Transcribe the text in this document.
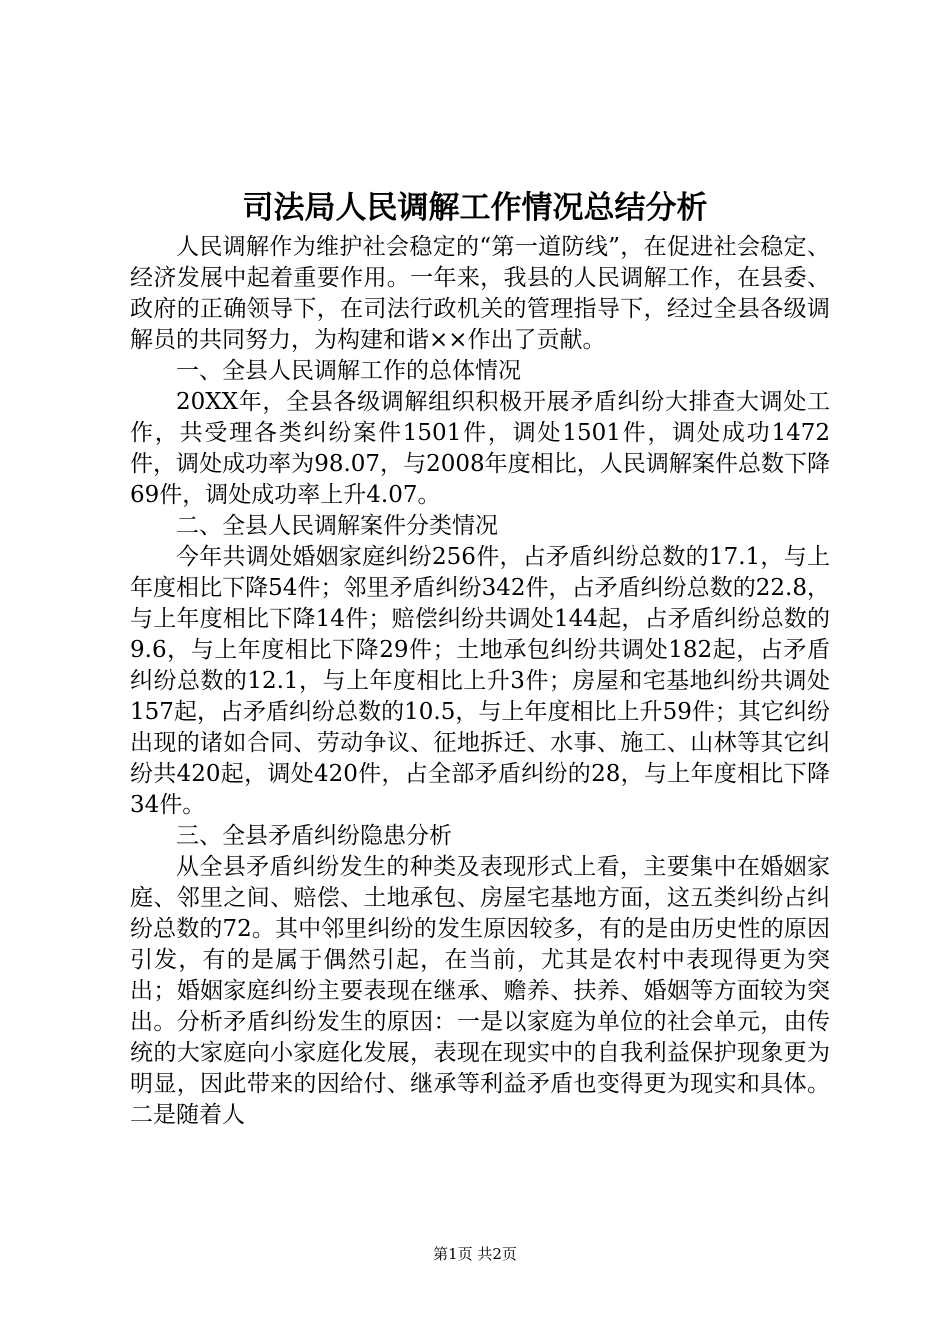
司法局人民调解工作情况总结分析

人民调解作为维护社会稳定的“第一道防线”，在促进社会稳定、经济发展中起着重要作用。一年来，我县的人民调解工作，在县委、政府的正确领导下，在司法行政机关的管理指导下，经过全县各级调解员的共同努力，为构建和谐××作出了贡献。

一、全县人民调解工作的总体情况

20XX年，全县各级调解组织积极开展矛盾纠纷大排查大调处工作，共受理各类纠纷案件1501件，调处1501件，调处成功1472件，调处成功率为98.07，与2008年度相比，人民调解案件总数下降69件，调处成功率上升4.07。

二、全县人民调解案件分类情况

今年共调处婚姻家庭纠纷256件，占矛盾纠纷总数的17.1，与上年度相比下降54件；邻里矛盾纠纷342件，占矛盾纠纷总数的22.8，与上年度相比下降14件；赔偿纠纷共调处144起，占矛盾纠纷总数的9.6，与上年度相比下降29件；土地承包纠纷共调处182起，占矛盾纠纷总数的12.1，与上年度相比上升3件；房屋和宅基地纠纷共调处157起，占矛盾纠纷总数的10.5，与上年度相比上升59件；其它纠纷出现的诸如合同、劳动争议、征地拆迁、水事、施工、山林等其它纠纷共420起，调处420件，占全部矛盾纠纷的28，与上年度相比下降34件。

三、全县矛盾纠纷隐患分析

从全县矛盾纠纷发生的种类及表现形式上看，主要集中在婚姻家庭、邻里之间、赔偿、土地承包、房屋宅基地方面，这五类纠纷占纠纷总数的72。其中邻里纠纷的发生原因较多，有的是由历史性的原因引发，有的是属于偶然引起，在当前，尤其是农村中表现得更为突出；婚姻家庭纠纷主要表现在继承、赡养、扶养、婚姻等方面较为突出。分析矛盾纠纷发生的原因：一是以家庭为单位的社会单元，由传统的大家庭向小家庭化发展，表现在现实中的自我利益保护现象更为明显，因此带来的因给付、继承等利益矛盾也变得更为现实和具体。二是随着人

第1页 共2页
